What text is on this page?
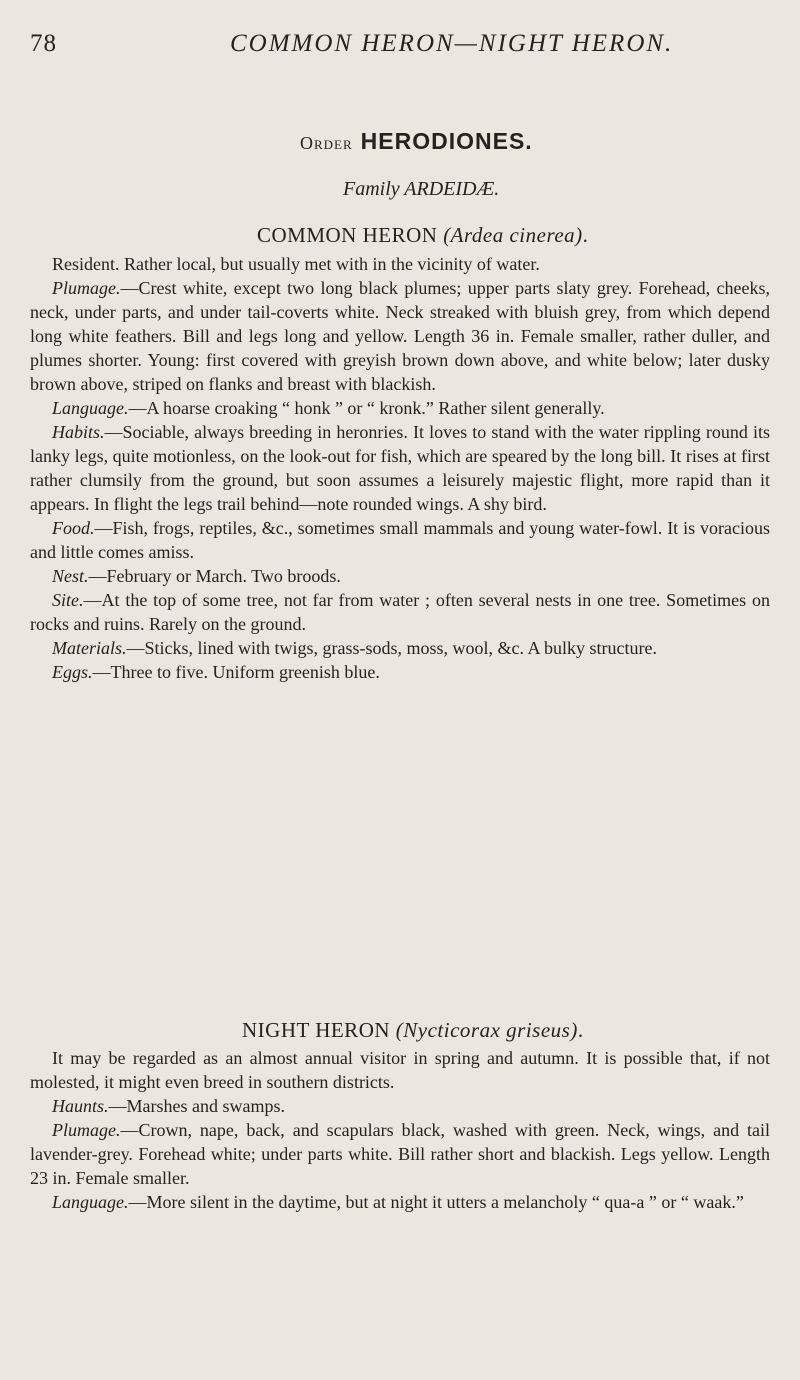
78	COMMON HERON—NIGHT HERON.
Order HERODIONES.
Family ARDEIDÆ.
COMMON HERON (Ardea cinerea).

Resident. Rather local, but usually met with in the vicinity of water.

Plumage.—Crest white, except two long black plumes; upper parts slaty grey. Forehead, cheeks, neck, under parts, and under tail-coverts white. Neck streaked with bluish grey, from which depend long white feathers. Bill and legs long and yellow. Length 36 in. Female smaller, rather duller, and plumes shorter. Young: first covered with greyish brown down above, and white below; later dusky brown above, striped on flanks and breast with blackish.

Language.—A hoarse croaking “ honk ” or “ kronk.” Rather silent generally.

Habits.—Sociable, always breeding in heronries. It loves to stand with the water rippling round its lanky legs, quite motionless, on the look-out for fish, which are speared by the long bill. It rises at first rather clumsily from the ground, but soon assumes a leisurely majestic flight, more rapid than it appears. In flight the legs trail behind—note rounded wings. A shy bird.

Food.—Fish, frogs, reptiles, &c., sometimes small mammals and young water-fowl. It is voracious and little comes amiss.

Nest.—February or March. Two broods.

Site.—At the top of some tree, not far from water ; often several nests in one tree. Sometimes on rocks and ruins. Rarely on the ground.

Materials.—Sticks, lined with twigs, grass-sods, moss, wool, &c. A bulky structure.

Eggs.—Three to five. Uniform greenish blue.

NIGHT HERON (Nycticorax griseus).

It may be regarded as an almost annual visitor in spring and autumn. It is possible that, if not molested, it might even breed in southern districts.

Haunts.—Marshes and swamps.

Plumage.—Crown, nape, back, and scapulars black, washed with green. Neck, wings, and tail lavender-grey. Forehead white; under parts white. Bill rather short and blackish. Legs yellow. Length 23 in. Female smaller.

Language.—More silent in the daytime, but at night it utters a melancholy “ qua-a ” or “ waak.”
